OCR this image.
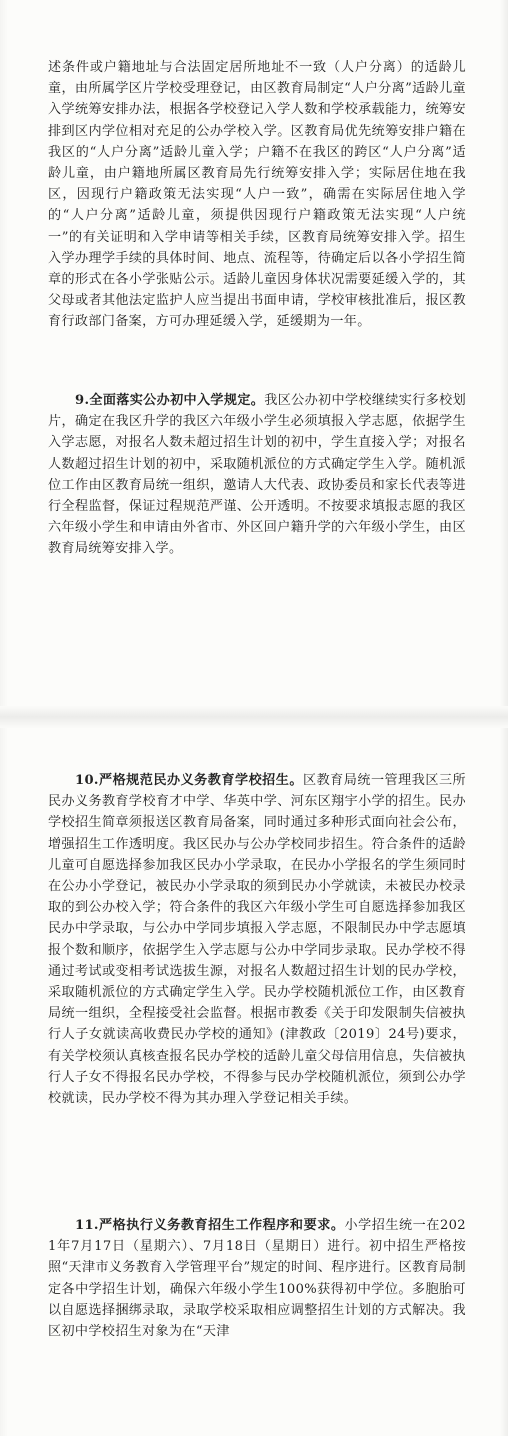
述条件或户籍地址与合法固定居所地址不一致（人户分离）的适龄儿童，由所属学区片学校受理登记，由区教育局制定“人户分离”适龄儿童入学统筹安排办法，根据各学校登记入学人数和学校承载能力，统筹安排到区内学位相对充足的公办学校入学。区教育局优先统筹安排户籍在我区的“人户分离”适龄儿童入学；户籍不在我区的跨区“人户分离”适龄儿童，由户籍地所属区教育局先行统筹安排入学；实际居住地在我区，因现行户籍政策无法实现“人户一致”，确需在实际居住地入学的“人户分离”适龄儿童，须提供因现行户籍政策无法实现“人户统一”的有关证明和入学申请等相关手续，区教育局统筹安排入学。招生入学办理学手续的具体时间、地点、流程等，待确定后以各小学招生简章的形式在各小学张贴公示。适龄儿童因身体状况需要延缓入学的，其父母或者其他法定监护人应当提出书面申请，学校审核批准后，报区教育行政部门备案，方可办理延缓入学，延缓期为一年。

9.全面落实公办初中入学规定。我区公办初中学校继续实行多校划片，确定在我区升学的我区六年级小学生必须填报入学志愿，依据学生入学志愿，对报名人数未超过招生计划的初中，学生直接入学；对报名人数超过招生计划的初中，采取随机派位的方式确定学生入学。随机派位工作由区教育局统一组织，邀请人大代表、政协委员和家长代表等进行全程监督，保证过程规范严谨、公开透明。不按要求填报志愿的我区六年级小学生和申请由外省市、外区回户籍升学的六年级小学生，由区教育局统筹安排入学。

10.严格规范民办义务教育学校招生。区教育局统一管理我区三所民办义务教育学校育才中学、华英中学、河东区翔宇小学的招生。民办学校招生简章须报送区教育局备案，同时通过多种形式面向社会公布，增强招生工作透明度。我区民办与公办学校同步招生。符合条件的适龄儿童可自愿选择参加我区民办小学录取，在民办小学报名的学生须同时在公办小学登记，被民办小学录取的须到民办小学就读，未被民办校录取的到公办校入学；符合条件的我区六年级小学生可自愿选择参加我区民办中学录取，与公办中学同步填报入学志愿，不限制民办中学志愿填报个数和顺序，依据学生入学志愿与公办中学同步录取。民办学校不得通过考试或变相考试选拔生源，对报名人数超过招生计划的民办学校，采取随机派位的方式确定学生入学。民办学校随机派位工作，由区教育局统一组织，全程接受社会监督。根据市教委《关于印发限制失信被执行人子女就读高收费民办学校的通知》(津教政〔2019〕24号)要求，有关学校须认真核查报名民办学校的适龄儿童父母信用信息，失信被执行人子女不得报名民办学校，不得参与民办学校随机派位，须到公办学校就读，民办学校不得为其办理入学登记相关手续。

11.严格执行义务教育招生工作程序和要求。小学招生统一在2021年7月17日（星期六）、7月18日（星期日）进行。初中招生严格按照“天津市义务教育入学管理平台”规定的时间、程序进行。区教育局制定各中学招生计划，确保六年级小学生100%获得初中学位。多胞胎可以自愿选择捆绑录取，录取学校采取相应调整招生计划的方式解决。我区初中学校招生对象为在“天津
